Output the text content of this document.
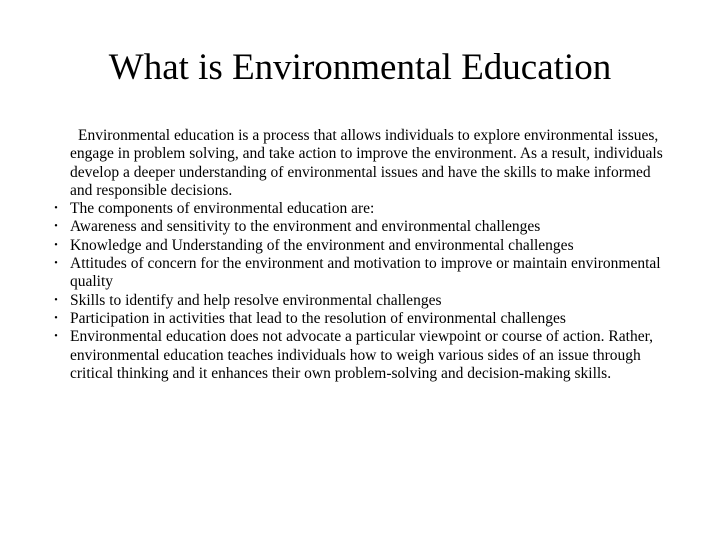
What is Environmental Education
Environmental education is a process that allows individuals to explore environmental issues, engage in problem solving, and take action to improve the environment. As a result, individuals develop a deeper understanding of environmental issues and have the skills to make informed and responsible decisions.
• The components of environmental education are:
• Awareness and sensitivity to the environment and environmental challenges
• Knowledge and Understanding of the environment and environmental challenges
• Attitudes of concern for the environment and motivation to improve or maintain environmental quality
• Skills to identify and help resolve environmental challenges
• Participation in activities that lead to the resolution of environmental challenges
• Environmental education does not advocate a particular viewpoint or course of action. Rather, environmental education teaches individuals how to weigh various sides of an issue through critical thinking and it enhances their own problem-solving and decision-making skills.
